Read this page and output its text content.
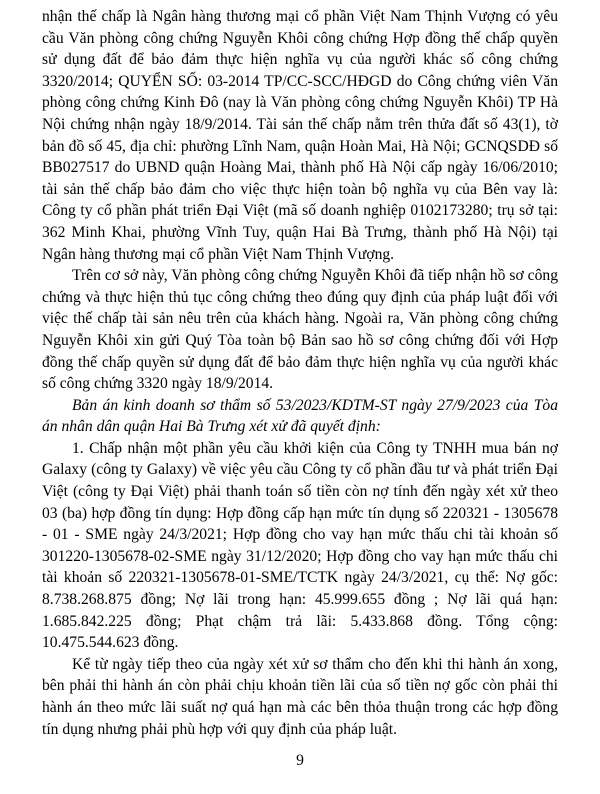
nhận thế chấp là Ngân hàng thương mại cổ phần Việt Nam Thịnh Vượng có yêu cầu Văn phòng công chứng Nguyễn Khôi công chứng Hợp đồng thế chấp quyền sử dụng đất để bảo đảm thực hiện nghĩa vụ của người khác số công chứng 3320/2014; QUYỂN SỐ: 03-2014 TP/CC-SCC/HĐGD do Công chứng viên Văn phòng công chứng Kinh Đô (nay là Văn phòng công chứng Nguyễn Khôi) TP Hà Nội chứng nhận ngày 18/9/2014. Tài sản thế chấp nằm trên thửa đất số 43(1), tờ bản đồ số 45, địa chỉ: phường Lĩnh Nam, quận Hoàn Mai, Hà Nội; GCNQSDĐ số BB027517 do UBND quận Hoàng Mai, thành phố Hà Nội cấp ngày 16/06/2010; tài sản thế chấp bảo đảm cho việc thực hiện toàn bộ nghĩa vụ của Bên vay là: Công ty cổ phần phát triển Đại Việt (mã số doanh nghiệp 0102173280; trụ sở tại: 362 Minh Khai, phường Vĩnh Tuy, quận Hai Bà Trưng, thành phố Hà Nội) tại Ngân hàng thương mại cổ phần Việt Nam Thịnh Vượng.

Trên cơ sở này, Văn phòng công chứng Nguyễn Khôi đã tiếp nhận hồ sơ công chứng và thực hiện thủ tục công chứng theo đúng quy định của pháp luật đối với việc thế chấp tài sản nêu trên của khách hàng. Ngoài ra, Văn phòng công chứng Nguyễn Khôi xin gửi Quý Tòa toàn bộ Bản sao hồ sơ công chứng đối với Hợp đồng thế chấp quyền sử dụng đất để bảo đảm thực hiện nghĩa vụ của người khác số công chứng 3320 ngày 18/9/2014.

Bản án kinh doanh sơ thẩm số 53/2023/KDTM-ST ngày 27/9/2023 của Tòa án nhân dân quận Hai Bà Trưng xét xử đã quyết định:

1. Chấp nhận một phần yêu cầu khởi kiện của Công ty TNHH mua bán nợ Galaxy (công ty Galaxy) về việc yêu cầu Công ty cổ phần đầu tư và phát triển Đại Việt (công ty Đại Việt) phải thanh toán số tiền còn nợ tính đến ngày xét xử theo 03 (ba) hợp đồng tín dụng: Hợp đồng cấp hạn mức tín dụng số 220321 - 1305678 - 01 - SME ngày 24/3/2021; Hợp đồng cho vay hạn mức thấu chi tài khoản số 301220-1305678-02-SME ngày 31/12/2020; Hợp đồng cho vay hạn mức thấu chi tài khoản số 220321-1305678-01-SME/TCTK ngày 24/3/2021, cụ thể: Nợ gốc: 8.738.268.875 đồng; Nợ lãi trong hạn: 45.999.655 đồng ; Nợ lãi quá hạn: 1.685.842.225 đồng; Phạt chậm trả lãi: 5.433.868 đồng. Tổng cộng: 10.475.544.623 đồng.

Kể từ ngày tiếp theo của ngày xét xử sơ thẩm cho đến khi thi hành án xong, bên phải thi hành án còn phải chịu khoản tiền lãi của số tiền nợ gốc còn phải thi hành án theo mức lãi suất nợ quá hạn mà các bên thỏa thuận trong các hợp đồng tín dụng nhưng phải phù hợp với quy định của pháp luật.

9
